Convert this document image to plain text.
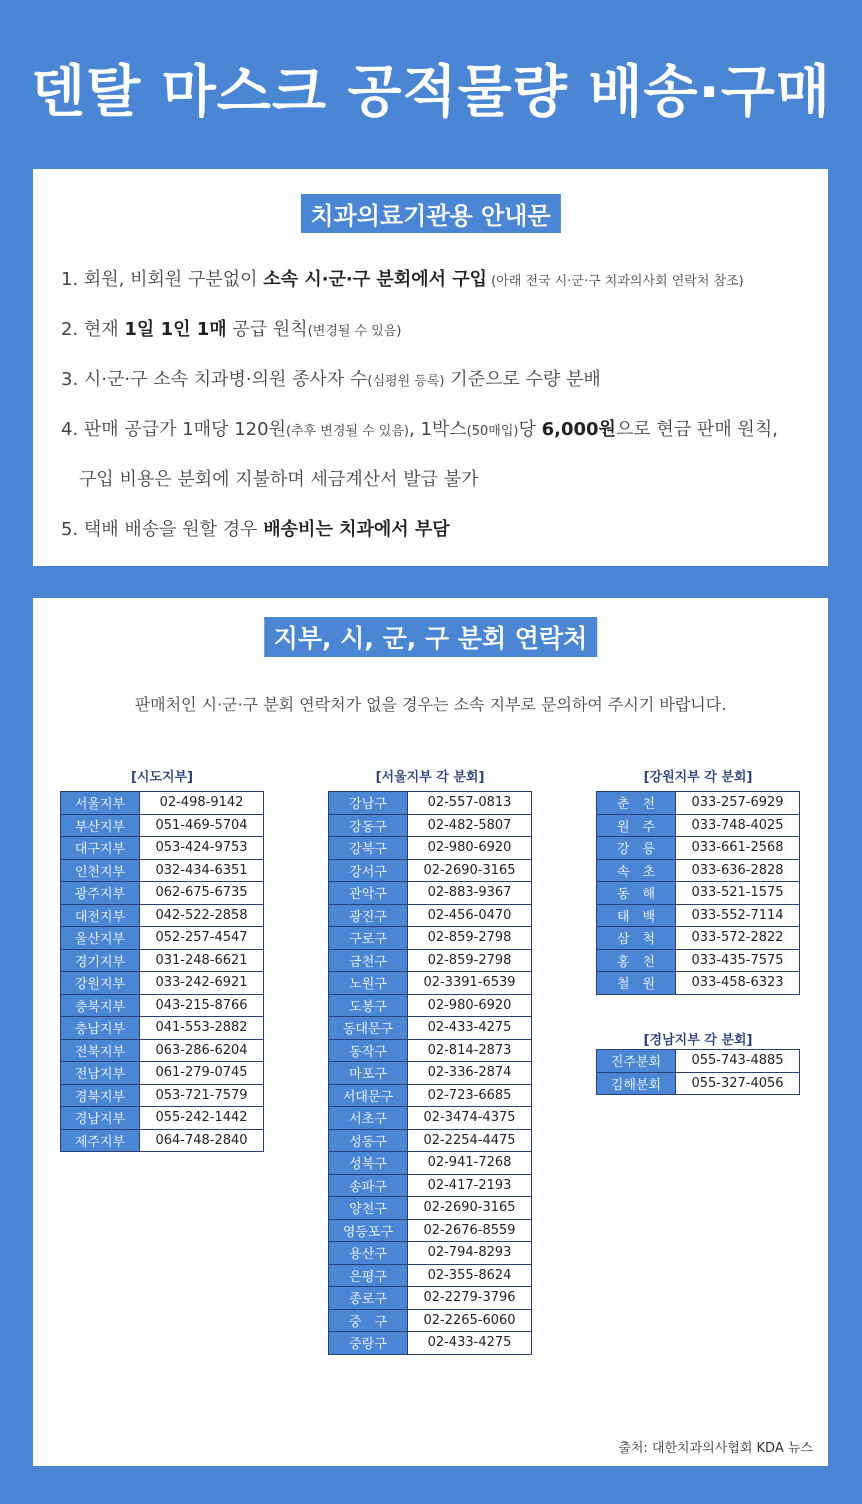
덴탈 마스크 공적물량 배송·구매
치과의료기관용 안내문
1. 회원, 비회원 구분없이 소속 시·군·구 분회에서 구입 (아래 전국 시·군·구 치과의사회 연락처 참조)
2. 현재 1일 1인 1매 공급 원칙(변경될 수 있음)
3. 시·군·구 소속 치과병·의원 종사자 수(심평원 등록) 기준으로 수량 분배
4. 판매 공급가 1매당 120원(추후 변경될 수 있음), 1박스(50매입)당 6,000원으로 현금 판매 원칙,
구입 비용은 분회에 지불하며 세금계산서 발급 불가
5. 택배 배송을 원할 경우 배송비는 치과에서 부담
지부, 시, 군, 구 분회 연락처
판매처인 시·군·구 분회 연락처가 없을 경우는 소속 지부로 문의하여 주시기 바랍니다.
[시도지부]
서울지부	02-498-9142
부산지부	051-469-5704
대구지부	053-424-9753
인천지부	032-434-6351
광주지부	062-675-6735
대전지부	042-522-2858
울산지부	052-257-4547
경기지부	031-248-6621
강원지부	033-242-6921
충북지부	043-215-8766
충남지부	041-553-2882
전북지부	063-286-6204
전남지부	061-279-0745
경북지부	053-721-7579
경남지부	055-242-1442
제주지부	064-748-2840
[서울지부 각 분회]
강남구	02-557-0813
강동구	02-482-5807
강북구	02-980-6920
강서구	02-2690-3165
관악구	02-883-9367
광진구	02-456-0470
구로구	02-859-2798
금천구	02-859-2798
노원구	02-3391-6539
도봉구	02-980-6920
동대문구	02-433-4275
동작구	02-814-2873
마포구	02-336-2874
서대문구	02-723-6685
서초구	02-3474-4375
성동구	02-2254-4475
성북구	02-941-7268
송파구	02-417-2193
양천구	02-2690-3165
영등포구	02-2676-8559
용산구	02-794-8293
은평구	02-355-8624
종로구	02-2279-3796
중　구	02-2265-6060
중랑구	02-433-4275
[강원지부 각 분회]
춘　천	033-257-6929
원　주	033-748-4025
강　릉	033-661-2568
속　초	033-636-2828
동　해	033-521-1575
태　백	033-552-7114
삼　척	033-572-2822
홍　천	033-435-7575
철　원	033-458-6323
[경남지부 각 분회]
진주분회	055-743-4885
김해분회	055-327-4056
출처: 대한치과의사협회 KDA 뉴스
